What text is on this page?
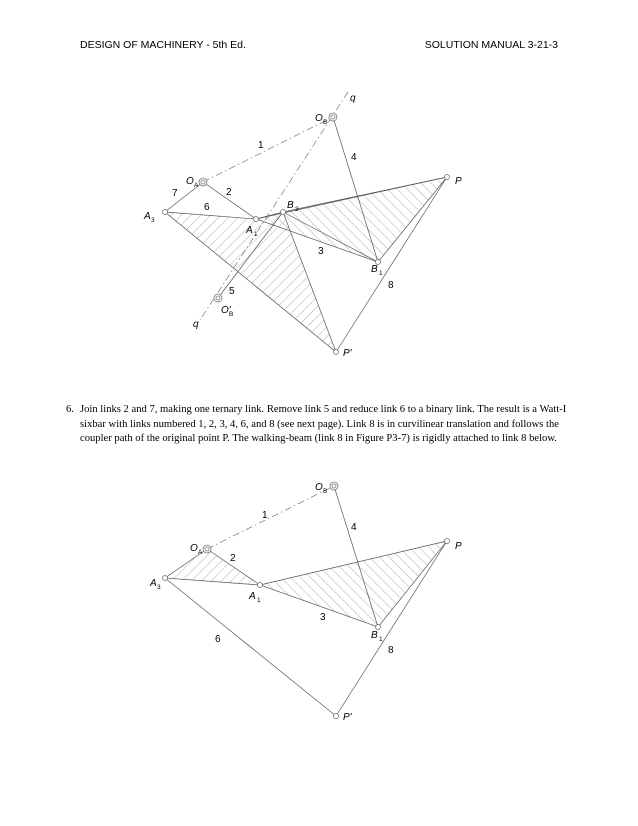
DESIGN OF MACHINERY - 5th Ed.	SOLUTION MANUAL 3-21-3
q
O B
1
4
P
O A
7	2
6	B 3
A 3
A 1
3
B 1
8
5
O'
B
q
P'
O B
1
4
P
O A
2
A 3
A 1
3
B 1
6
8
P'
6. Join links 2 and 7, making one ternary link. Remove link 5 and reduce link 6 to a binary link. The result is a Watt-I sixbar with links numbered 1, 2, 3, 4, 6, and 8 (see next page). Link 8 is in curvilinear translation and follows the coupler path of the original point P. The walking-beam (link 8 in Figure P3-7) is rigidly attached to link 8 below.
